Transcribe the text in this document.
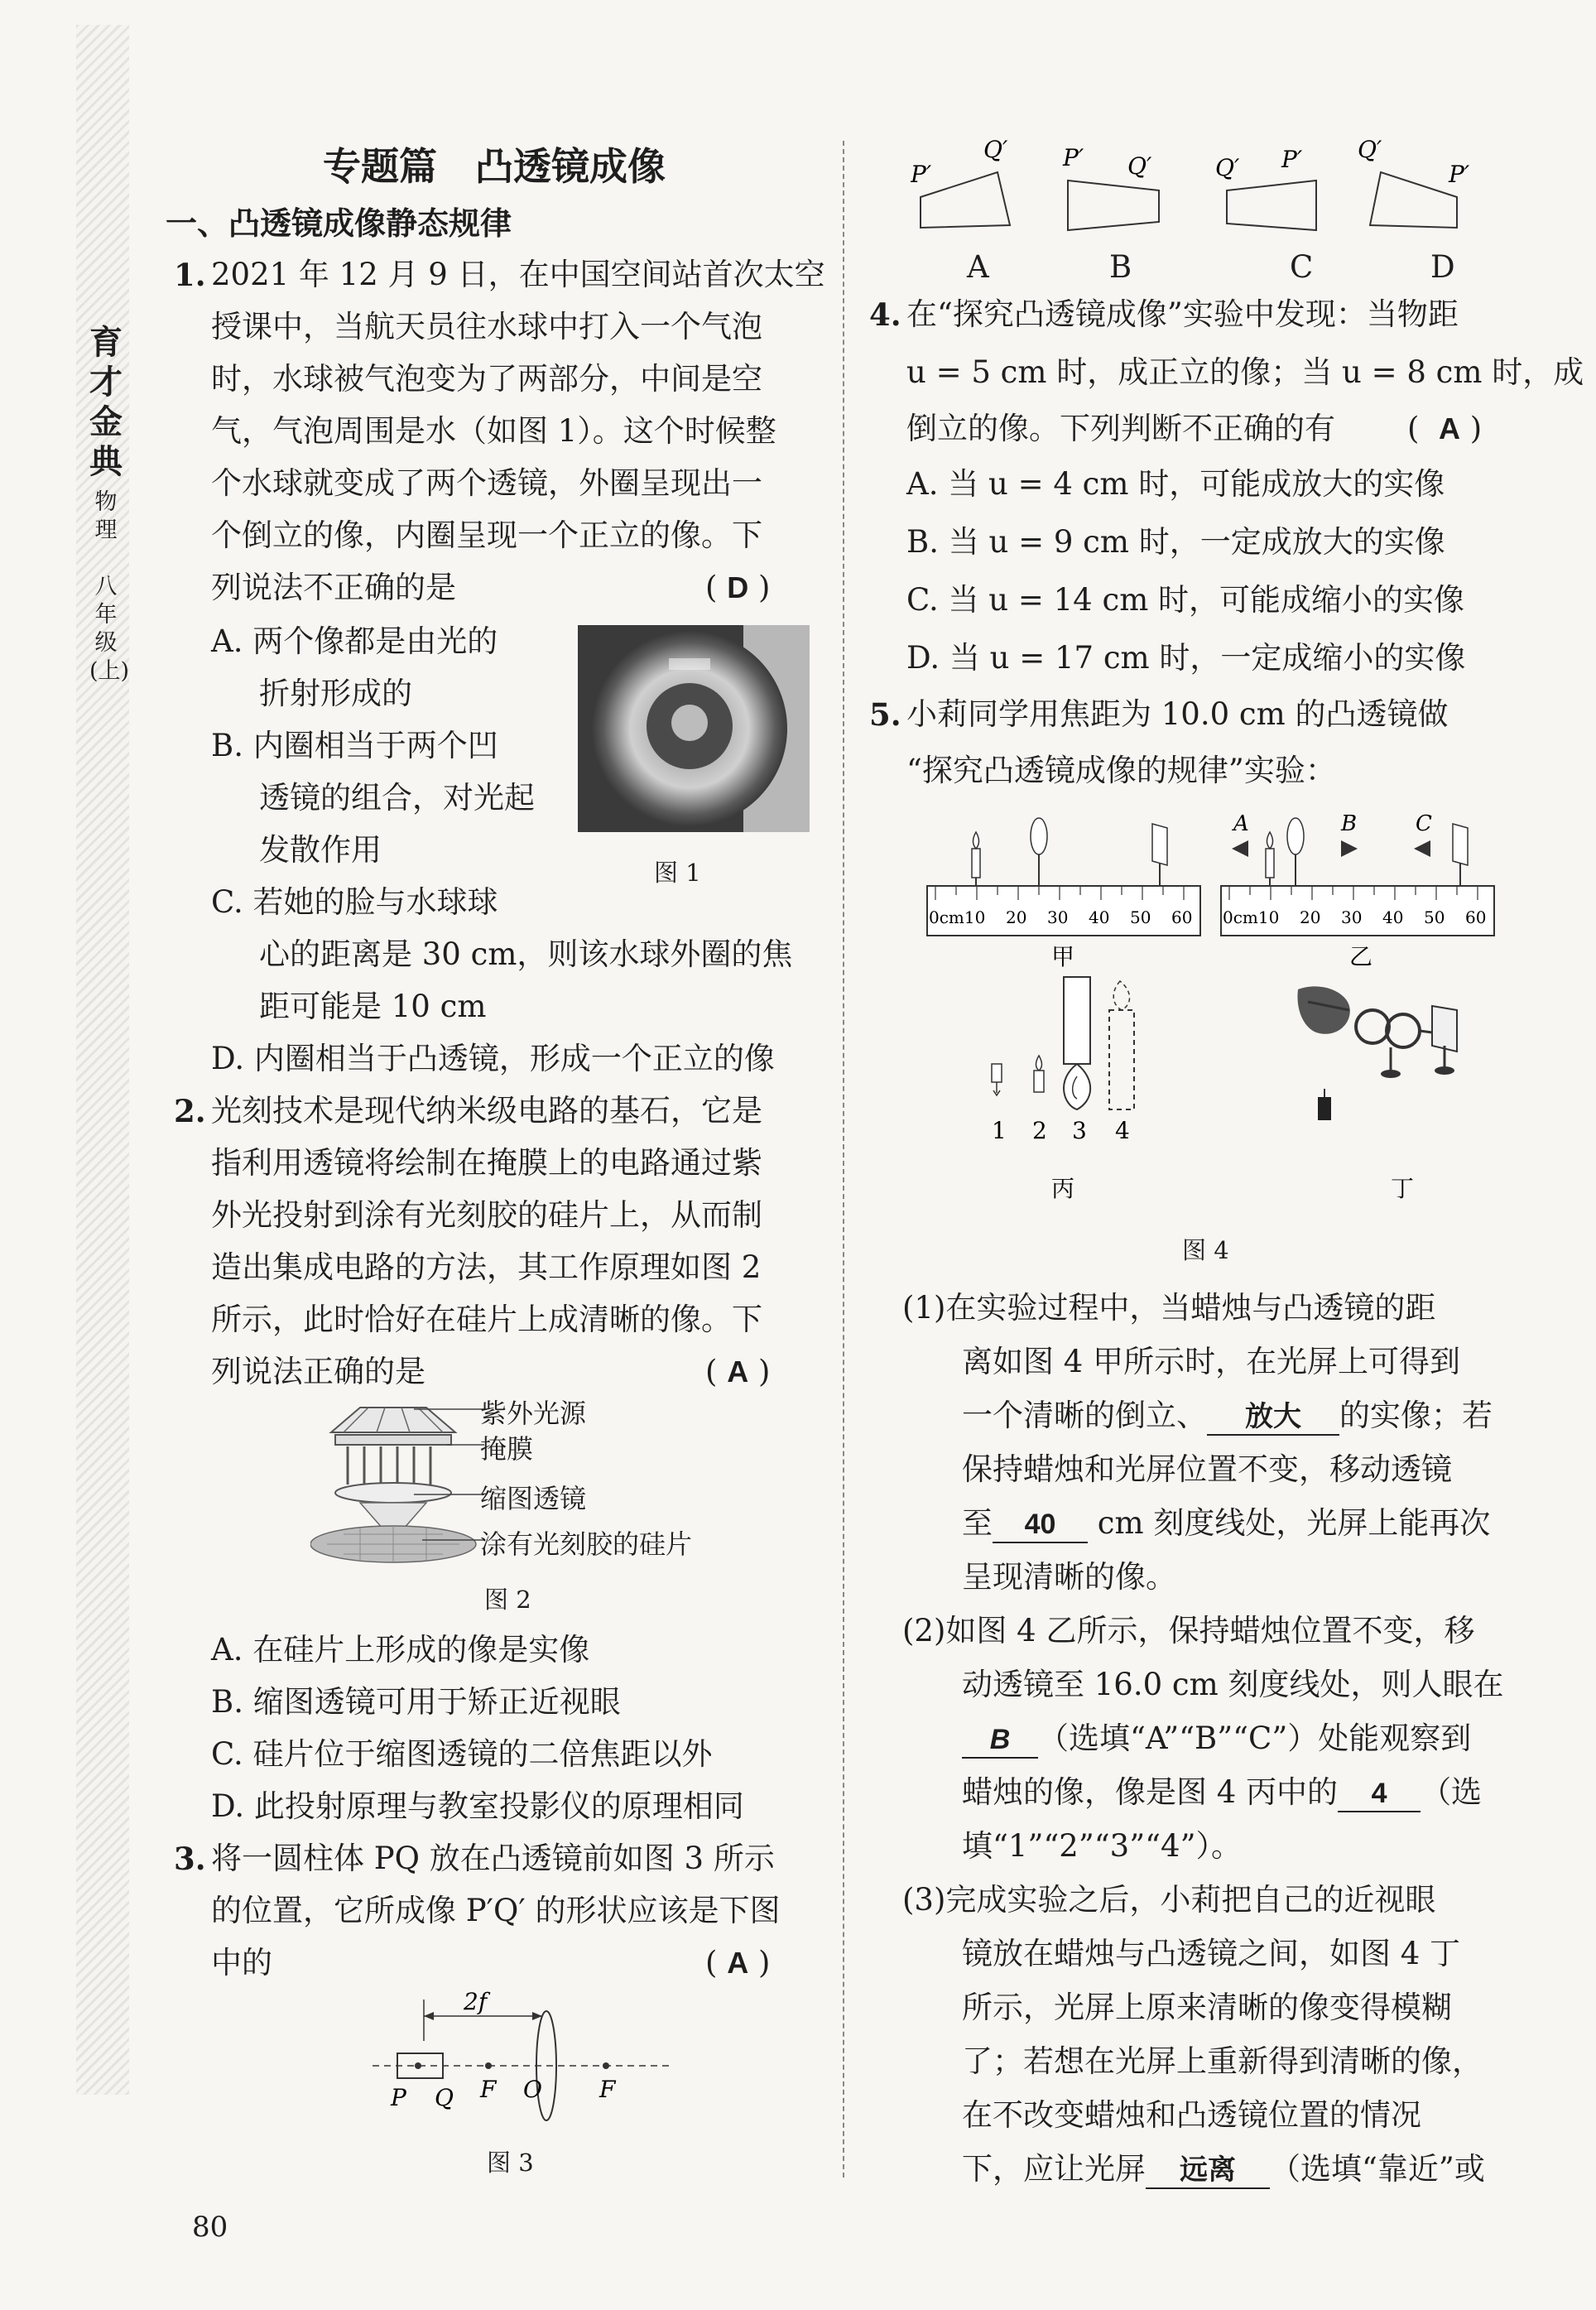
育才金典
物理

八年级(上)
专题篇　凸透镜成像
一、凸透镜成像静态规律
1. 2021 年 12 月 9 日，在中国空间站首次太空
授课中，当航天员往水球中打入一个气泡
时，水球被气泡变为了两部分，中间是空
气，气泡周围是水（如图 1）。这个时候整
个水球就变成了两个透镜，外圈呈现出一
个倒立的像，内圈呈现一个正立的像。下
列说法不正确的是	( D )
A. 两个像都是由光的
折射形成的
B. 内圈相当于两个凹
透镜的组合，对光起
发散作用
C. 若她的脸与水球球
心的距离是 30 cm，则该水球外圈的焦
距可能是 10 cm
D. 内圈相当于凸透镜，形成一个正立的像
图 1
2. 光刻技术是现代纳米级电路的基石，它是
指利用透镜将绘制在掩膜上的电路通过紫
外光投射到涂有光刻胶的硅片上，从而制
造出集成电路的方法，其工作原理如图 2
所示，此时恰好在硅片上成清晰的像。下
列说法正确的是	( A )
紫外光源
掩膜
缩图透镜
涂有光刻胶的硅片
图 2
A. 在硅片上形成的像是实像
B. 缩图透镜可用于矫正近视眼
C. 硅片位于缩图透镜的二倍焦距以外
D. 此投射原理与教室投影仪的原理相同
3. 将一圆柱体 PQ 放在凸透镜前如图 3 所示
的位置，它所成像 P′Q′ 的形状应该是下图
中的	( A )
2f
P Q F O F
图 3
P′
Q′ P′ Q′	Q′ P′ Q′
P′
A	B	C	D
4. 在“探究凸透镜成像”实验中发现：当物距
u = 5 cm 时，成正立的像；当 u = 8 cm 时，成
倒立的像。下列判断不正确的有 (  A )
A. 当 u = 4 cm 时，可能成放大的实像
B. 当 u = 9 cm 时，一定成放大的实像
C. 当 u = 14 cm 时，可能成缩小的实像
D. 当 u = 17 cm 时，一定成缩小的实像
5. 小莉同学用焦距为 10.0 cm 的凸透镜做
“探究凸透镜成像的规律”实验：
0cm10 20 30 40 50 60 0cm10 20 30 40 50 60
A	B	C
甲	乙
1 2 3 4
丙	丁
图 4
(1)在实验过程中，当蜡烛与凸透镜的距
离如图 4 甲所示时，在光屏上可得到
一个清晰的倒立、 放大 的实像；若
保持蜡烛和光屏位置不变，移动透镜
至 40 cm 刻度线处，光屏上能再次
呈现清晰的像。
(2)如图 4 乙所示，保持蜡烛位置不变，移
动透镜至 16.0 cm 刻度线处，则人眼在
B （选填“A”“B”“C”）处能观察到
蜡烛的像，像是图 4 丙中的 4 （选
填“1”“2”“3”“4”）。
(3)完成实验之后，小莉把自己的近视眼
镜放在蜡烛与凸透镜之间，如图 4 丁
所示，光屏上原来清晰的像变得模糊
了；若想在光屏上重新得到清晰的像，
在不改变蜡烛和凸透镜位置的情况
下，应让光屏 远离 （选填“靠近”或
80
